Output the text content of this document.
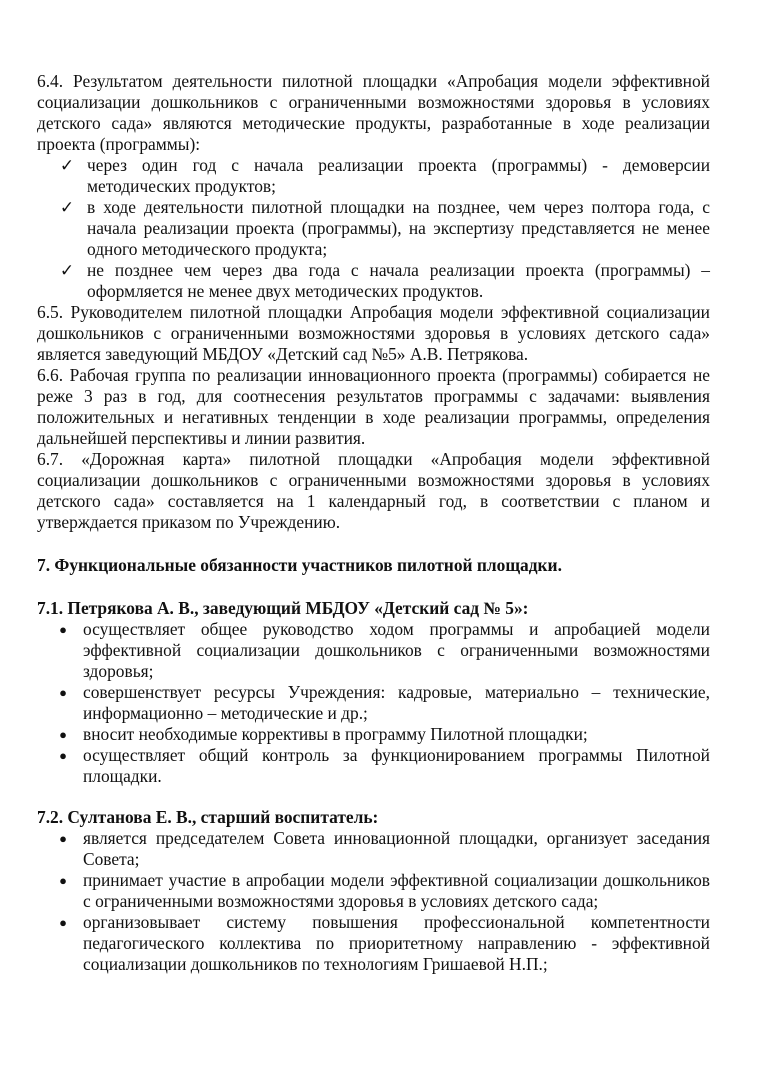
6.4. Результатом деятельности пилотной площадки «Апробация модели эффективной социализации дошкольников с ограниченными возможностями здоровья в условиях детского сада» являются методические продукты, разработанные в ходе реализации проекта (программы):

✓ через один год с начала реализации проекта (программы) - демоверсии методических продуктов;
✓ в ходе деятельности пилотной площадки на позднее, чем через полтора года, с начала реализации проекта (программы), на экспертизу представляется не менее одного методического продукта;
✓ не позднее чем через два года с начала реализации проекта (программы) – оформляется не менее двух методических продуктов.

6.5. Руководителем пилотной площадки Апробация модели эффективной социализации дошкольников с ограниченными возможностями здоровья в условиях детского сада» является заведующий МБДОУ «Детский сад №5» А.В. Петрякова.

6.6. Рабочая группа по реализации инновационного проекта (программы) собирается не реже 3 раз в год, для соотнесения результатов программы с задачами: выявления положительных и негативных тенденции в ходе реализации программы, определения дальнейшей перспективы и линии развития.

6.7. «Дорожная карта» пилотной площадки «Апробация модели эффективной социализации дошкольников с ограниченными возможностями здоровья в условиях детского сада» составляется на 1 календарный год, в соответствии с планом и утверждается приказом по Учреждению.

7. Функциональные обязанности участников пилотной площадки.
7.1. Петрякова А. В., заведующий МБДОУ «Детский сад № 5»:
● осуществляет общее руководство ходом программы и апробацией модели эффективной социализации дошкольников с ограниченными возможностями здоровья;
● совершенствует ресурсы Учреждения: кадровые, материально – технические, информационно – методические и др.;
● вносит необходимые коррективы в программу Пилотной площадки;
● осуществляет общий контроль за функционированием программы Пилотной площадки.
7.2. Султанова Е. В., старший воспитатель:
● является председателем Совета инновационной площадки, организует заседания Совета;
● принимает участие в апробации модели эффективной социализации дошкольников с ограниченными возможностями здоровья в условиях детского сада;
● организовывает систему повышения профессиональной компетентности педагогического коллектива по приоритетному направлению - эффективной социализации дошкольников по технологиям Гришаевой Н.П.;
